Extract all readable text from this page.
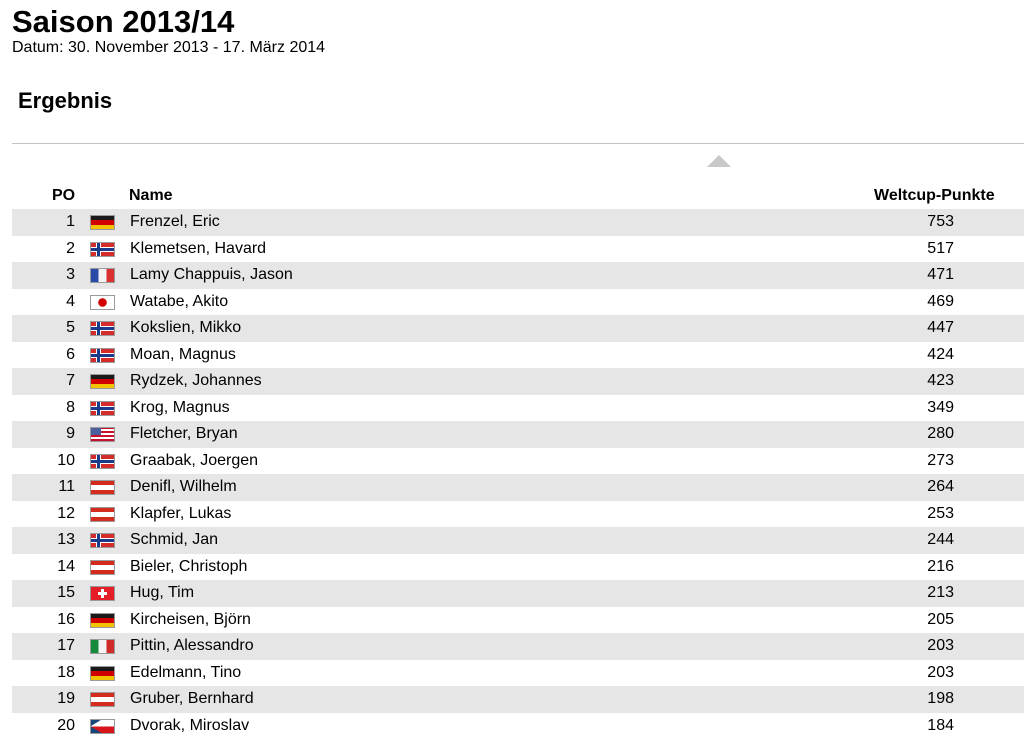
Saison 2013/14
Datum: 30. November 2013 - 17. März 2014
Ergebnis
PO	Name	Weltcup-Punkte
1	Frenzel, Eric	753
2	Klemetsen, Havard	517
3	Lamy Chappuis, Jason	471
4	Watabe, Akito	469
5	Kokslien, Mikko	447
6	Moan, Magnus	424
7	Rydzek, Johannes	423
8	Krog, Magnus	349
9	Fletcher, Bryan	280
10	Graabak, Joergen	273
11	Denifl, Wilhelm	264
12	Klapfer, Lukas	253
13	Schmid, Jan	244
14	Bieler, Christoph	216
15	Hug, Tim	213
16	Kircheisen, Björn	205
17	Pittin, Alessandro	203
18	Edelmann, Tino	203
19	Gruber, Bernhard	198
20	Dvorak, Miroslav	184
